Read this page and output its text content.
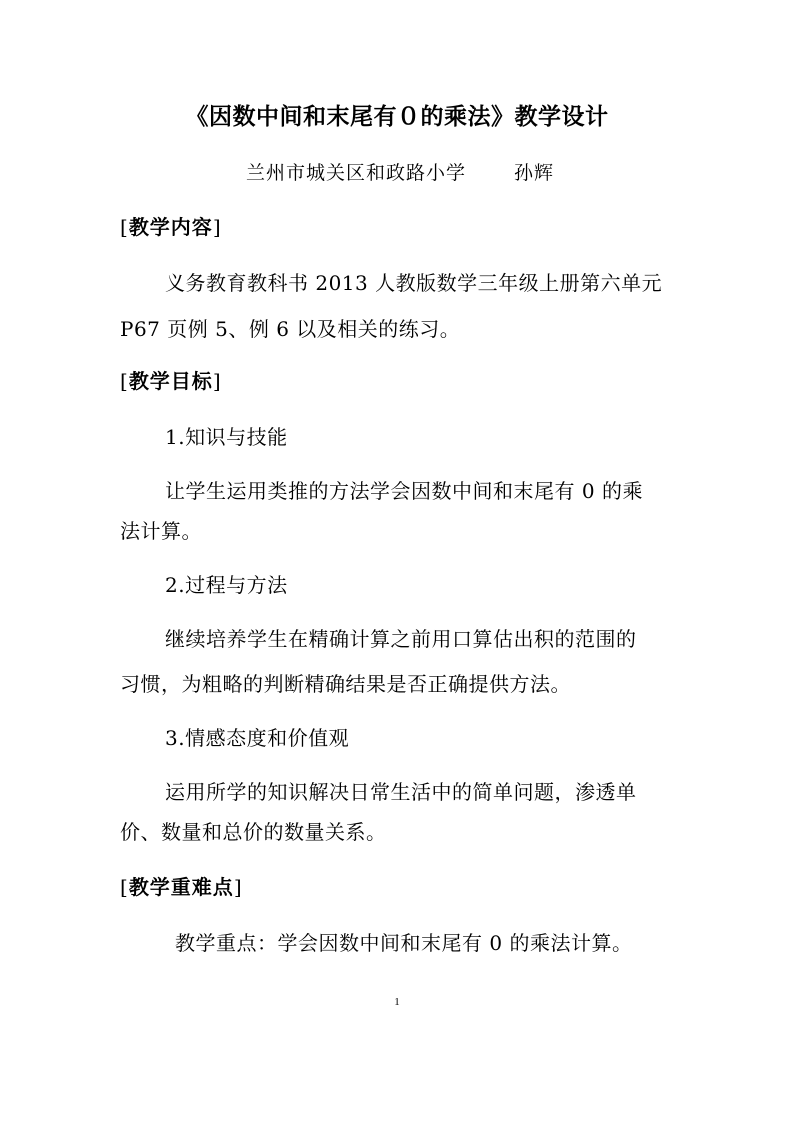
《因数中间和末尾有０的乘法》教学设计
兰州市城关区和政路小学	孙辉
[教学内容]
义务教育教科书 2013 人教版数学三年级上册第六单元
P67 页例 5、例 6 以及相关的练习。
[教学目标]
1.知识与技能
让学生运用类推的方法学会因数中间和末尾有 0 的乘
法计算。
2.过程与方法
继续培养学生在精确计算之前用口算估出积的范围的
习惯，为粗略的判断精确结果是否正确提供方法。
3.情感态度和价值观
运用所学的知识解决日常生活中的简单问题，渗透单
价、数量和总价的数量关系。
[教学重难点]
教学重点：学会因数中间和末尾有 0 的乘法计算。
1
